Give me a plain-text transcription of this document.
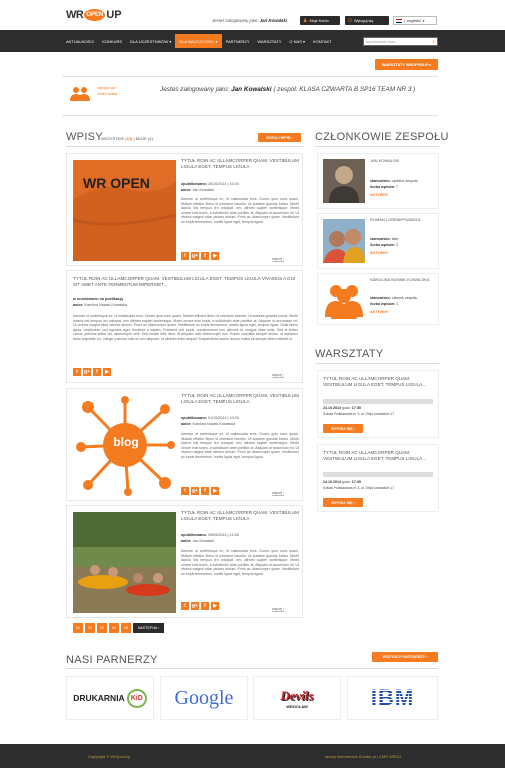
WR OPEN UP	Jesteś zalogowany jako: Jan Kowalski	♟ Moje Konto	⏻ Wyloguj się	j. angielski ▾
AKTUALNOŚCI	KONKURS	DLA UCZESTNIKÓW ▾	DLA NAUCZYCIELI ▾	PARTNERZY	WARSZTATY	O NAS ▾	KONTAKT	wyszukiwanie fraza...	⌕
WARSZTATY WROPENUP ▸
wyloguj się ›
zmień avatar ›
Jesteś zalogowany jako: Jan Kowalski ( zespół: KLASA CZWARTA B SP16 TEAM NR 3 )
WPISY
WSZYSTKIE (13) | MOJE (4)	DODAJ WPIS ›
WR OPEN
TYTUŁ ROIN AC ULLAMCORPER QUAM. VESTIBULUM LIGULA EGET, TEMPUS LIGULA
opublikowano: 28/10/2014 | 10:20
autor: Jan Kowalski
Aenean ut scelerisque ex, id malesuada eros. Donec quis nunc quam. Nullam efficitur libero id interdum lobortis. Ut sodales gravida luctus. Morbi lacinia nisi tempus leo volutpat, nec ultrices sapien scelerisque. Morbi ornare erat turpis, a sollicitudin ante porttitor at. Aliquam ut accumsan mi. Ut viverra magna vitae ultrices dictum. Proin ac ullamcorper quam. Vestibulum ac turpis fermentum, mattis ligula eget, tempus ligula.
t	g+	f	▶	więcej ›
TYTUŁ ROIN AC ULLAMCORPER QUAM. VESTIBULUM LIGULA EGET, TEMPUS LIGULA VIVAMUS A DUI SIT AMET ANTE FERMENTUM IMPERDIET...
w oczekiwaniu na publikację
autor: Karolina Nowak Kowalska
Aenean ut scelerisque ex, id malesuada eros. Donec quis nunc quam. Nullam efficitur libero id interdum lobortis. Ut sodales gravida luctus. Morbi lacinia nisi tempus leo volutpat, nec ultrices sapien scelerisque. Morbi ornare erat turpis, a sollicitudin ante porttitor at. Aliquam ut accumsan mi. Ut viverra magna vitae ultrices dictum. Proin ac ullamcorper quam. Vestibulum ac turpis fermentum, mattis ligula eget, tempus ligula. Nulla libero ligula, vestibulum non egestas eget, tincidunt a sapien. Praesent orci turpis, condimentum non ultricies id, congue vitae nulla. Sed id lectus varius, pulvinar tellus vel, ullamcorper velit. Sed ornare felis risus, at aliquam odio ullamcorper non. Donec convallis semper lectus, ut maximus dolor vulputate eu. Integer pulvinar odio ex orci aliquam, ut ultricies enim aliquet. Suspendisse auctor auctor nullus sit semper libero blandit et.
t	g+	f	▶	więcej ›
blog
TYTUŁ ROIN AC ULLAMCORPER QUAM. VESTIBULUM LIGULA EGET, TEMPUS LIGULA
opublikowano: 01/10/2014 | 10:20
autor: Karolina Nowak Kowalska
Aenean ut scelerisque ex, id malesuada eros. Donec quis nunc quam. Nullam efficitur libero id interdum lobortis. Ut sodales gravida luctus. Morbi lacinia nisi tempus leo volutpat, nec ultrices sapien scelerisque. Morbi ornare erat turpis, a sollicitudin ante porttitor at. Aliquam ut accumsan mi. Ut viverra magna vitae ultrices dictum. Proin ac ullamcorper quam. Vestibulum ac turpis fermentum, mattis ligula eget, tempus ligula.
t	g+	f	▶	więcej ›
TYTUŁ ROIN AC ULLAMCORPER QUAM. VESTIBULUM LIGULA EGET, TEMPUS LIGULA
opublikowano: 26/09/2014 | 12:45
autor: Jan Kowalski
Aenean ut scelerisque ex, id malesuada eros. Donec quis nunc quam. Nullam efficitur libero id interdum lobortis. Ut sodales gravida luctus. Morbi lacinia nisi tempus leo volutpat, nec ultrices sapien scelerisque. Morbi ornare erat turpis, a sollicitudin ante porttitor at. Aliquam ut accumsan mi. Ut viverra magna vitae ultrices dictum. Proin ac ullamcorper quam. Vestibulum ac turpis fermentum, mattis ligula eget, tempus ligula.
t	g+	f	▶	więcej ›
01	02	03	04	05	NASTĘPNA ›
CZŁONKOWIE ZESPOŁU
JAN KOWALSKI
stanowisko: opiekun zespołu
liczba wpisów: 7
AKTYWNY
ROMAN LOREMIPSUMDOL
stanowisko: lider
liczba wpisów: 3
AKTYWNY
KAROLINA NOWAK KOWALSKA
stanowisko: członek zespołu
liczba wpisów: 1
AKTYWNY
WARSZTATY
TYTUŁ ROIN AC ULLAMCORPER QUAM. VESTIBULUM LIGULA EGET, TEMPUS LIGULA...
24.10.2014 godz: 17:30
Szkoła Podstawowa nr 3, ul. Ortęt Lwowskich 17
WYPISZ SIĘ ›
TYTUŁ ROIN AC ULLAMCORPER QUAM. VESTIBULUM LIGULA EGET, TEMPUS LIGULA...
24.10.2014 godz: 17:30
Szkoła Podstawowa nr 3, ul. Ortęt Lwowskich 17
WYPISZ SIĘ ›
NASI PARNERZY	WSZYSCY PARTNERZY ›
DRUKARNIA KiD Google	Devils
WROCŁAW	IBM
Copyright © WrOpenUp	strony internetowe iCenter.pl | CMS WECO
